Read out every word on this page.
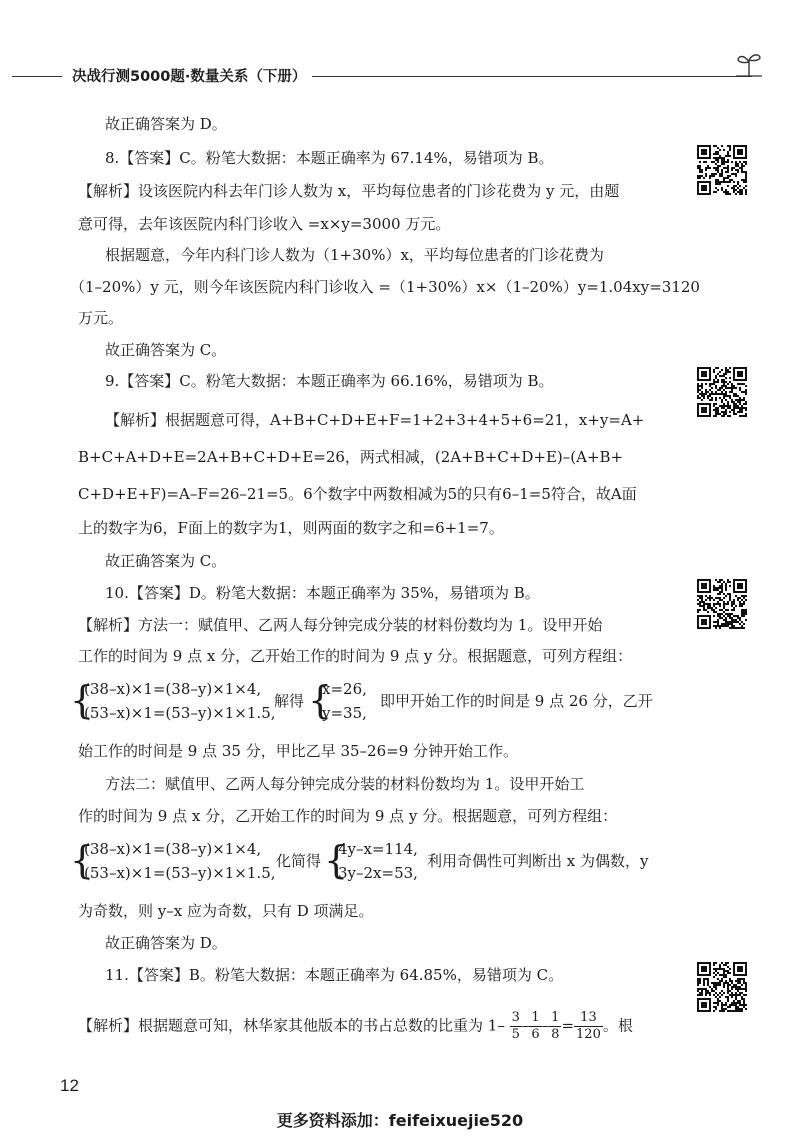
决战行测5000题·数量关系（下册）
故正确答案为 D。
8.【答案】C。粉笔大数据：本题正确率为 67.14%，易错项为 B。
【解析】设该医院内科去年门诊人数为 x，平均每位患者的门诊花费为 y 元，由题
意可得，去年该医院内科门诊收入 =x×y=3000 万元。
根据题意，今年内科门诊人数为（1+30%）x，平均每位患者的门诊花费为
（1–20%）y 元，则今年该医院内科门诊收入 =（1+30%）x×（1–20%）y=1.04xy=3120
万元。
故正确答案为 C。
9.【答案】C。粉笔大数据：本题正确率为 66.16%，易错项为 B。
【解析】根据题意可得，A+B+C+D+E+F=1+2+3+4+5+6=21，x+y=A+
B+C+A+D+E=2A+B+C+D+E=26，两式相减，(2A+B+C+D+E)–(A+B+
C+D+E+F)=A–F=26–21=5。6个数字中两数相减为5的只有6–1=5符合，故A面
上的数字为6，F面上的数字为1，则两面的数字之和=6+1=7。
故正确答案为 C。
10.【答案】D。粉笔大数据：本题正确率为 35%，易错项为 B。
【解析】方法一：赋值甲、乙两人每分钟完成分装的材料份数均为 1。设甲开始
工作的时间为 9 点 x 分，乙开始工作的时间为 9 点 y 分。根据题意，可列方程组：
{
(38–x)×1=(38–y)×1×4,
(53–x)×1=(53–y)×1×1.5,
解得 {
x=26,
y=35,
即甲开始工作的时间是 9 点 26 分，乙开
始工作的时间是 9 点 35 分，甲比乙早 35–26=9 分钟开始工作。
方法二：赋值甲、乙两人每分钟完成分装的材料份数均为 1。设甲开始工
作的时间为 9 点 x 分，乙开始工作的时间为 9 点 y 分。根据题意，可列方程组：
{
(38–x)×1=(38–y)×1×4,
(53–x)×1=(53–y)×1×1.5,
化简得 {
4y–x=114,
3y–2x=53,
利用奇偶性可判断出 x 为偶数，y
为奇数，则 y–x 应为奇数，只有 D 项满足。
故正确答案为 D。
11.【答案】B。粉笔大数据：本题正确率为 64.85%，易错项为 C。
【解析】根据题意可知，林华家其他版本的书占总数的比重为 $1- \frac{3}{5} - \frac{1}{6} - \frac{1}{8} = \frac{13}{120}$ 。根
12
更多资料添加：feifeixuejie520
